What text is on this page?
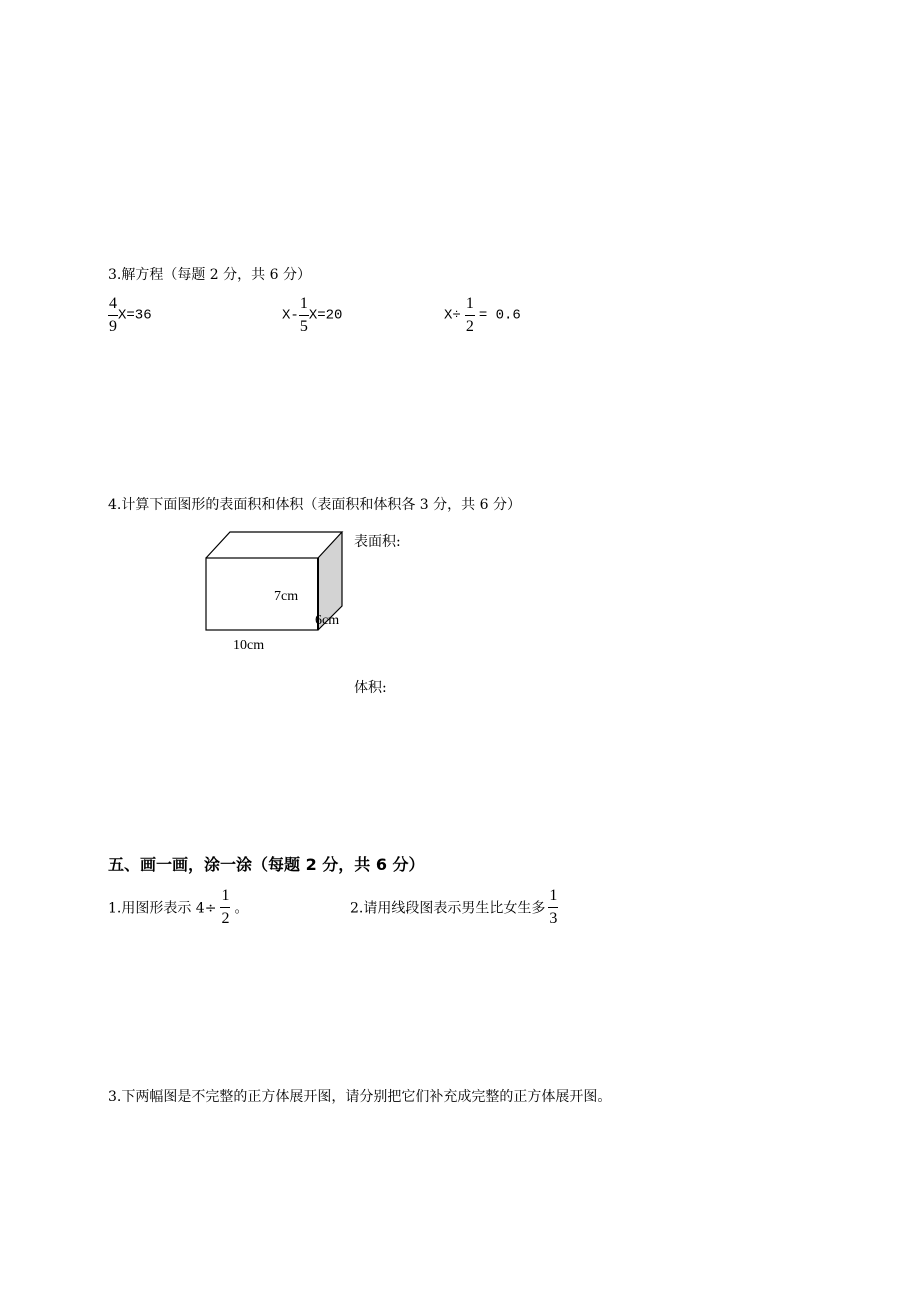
3.解方程（每题 2 分，共 6 分）
$\frac{4}{9} X=36$	$X- \frac{1}{5} X=20$	$X\div \frac{1}{2} = 0.6$
4.计算下面图形的表面积和体积（表面积和体积各 3 分，共 6 分）
7cm
6cm
10cm
表面积:
体积:
五、画一画，涂一涂（每题 2 分，共 6 分）
1.用图形表示 $4\div \frac{1}{2}$ 。	2.请用线段图表示男生比女生多 $\frac{1}{3}$
3.下两幅图是不完整的正方体展开图，请分别把它们补充成完整的正方体展开图。
